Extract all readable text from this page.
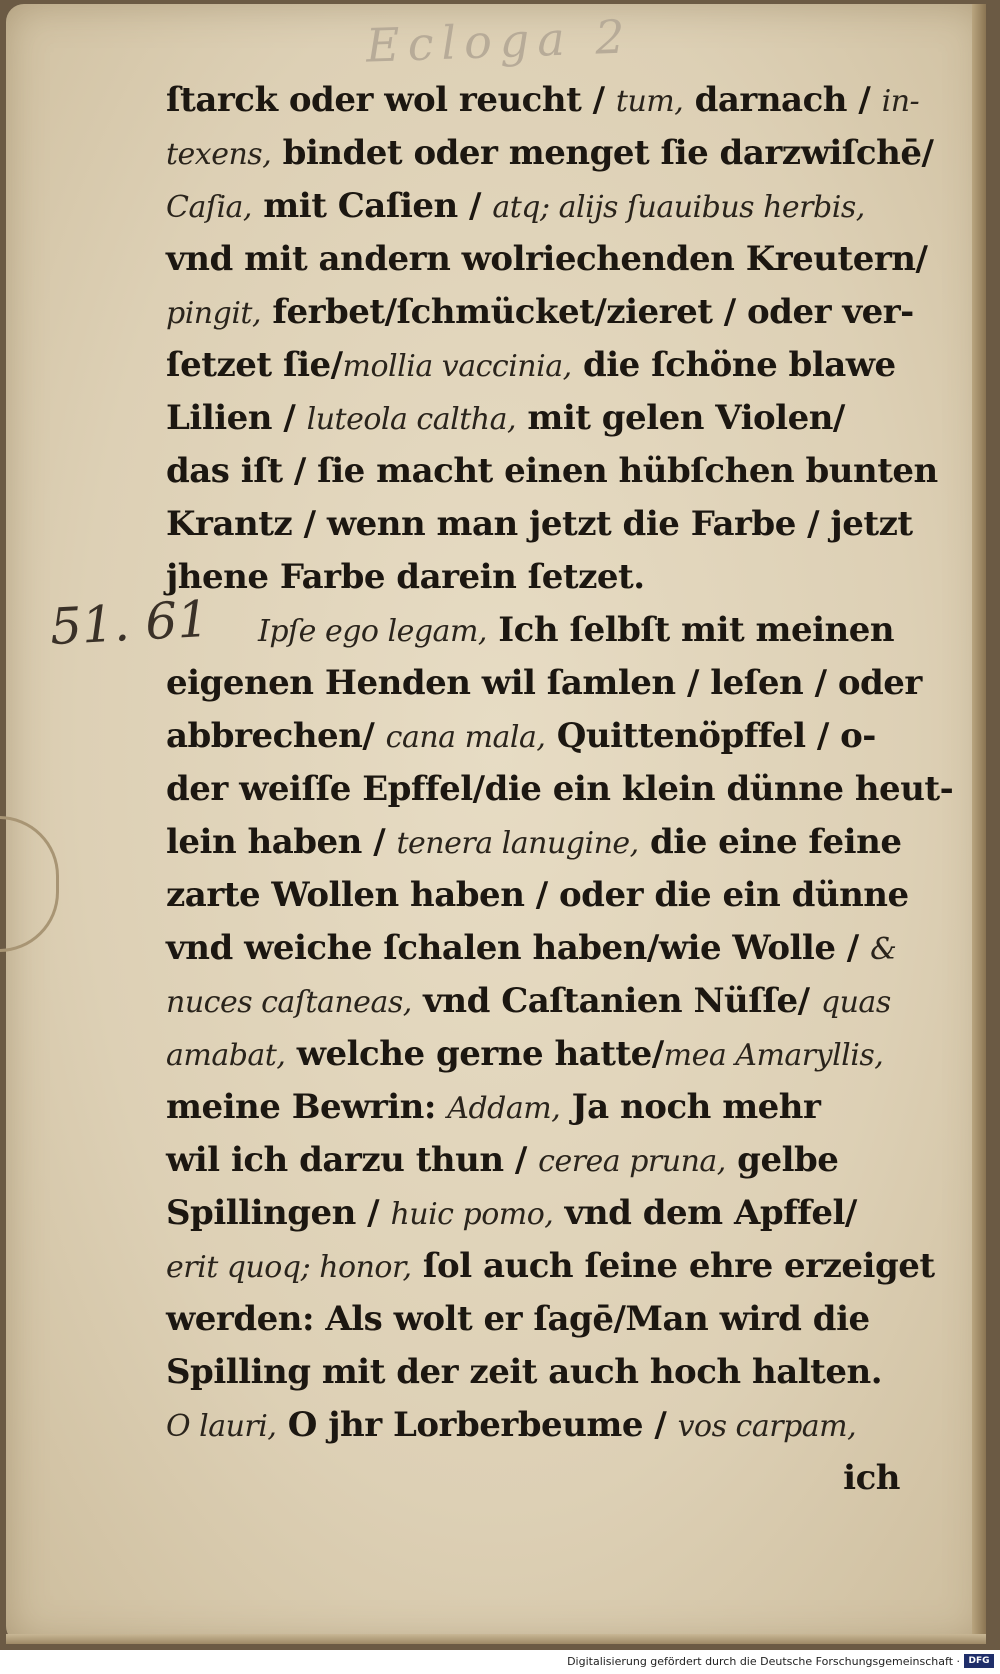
Ecloga 2
51. 61
ſtarck oder wol reucht / tum, darnach / in-
texens, bindet oder menget ſie darzwiſchē/
Caſia, mit Caſien / atq; alijs ſuauibus herbis,
vnd mit andern wolriechenden Kreutern/
pingit, ferbet/ſchmücket/zieret / oder ver-
ſetzet ſie/mollia vaccinia, die ſchöne blawe
Lilien / luteola caltha, mit gelen Violen/
das iſt / ſie macht einen hübſchen bunten
Krantz / wenn man jetzt die Farbe / jetzt
jhene Farbe darein ſetzet.
Ipſe ego legam, Ich ſelbſt mit meinen
eigenen Henden wil ſamlen / leſen / oder
abbrechen/ cana mala, Quittenöpffel / o-
der weiſſe Epffel/die ein klein dünne heut-
lein haben / tenera lanugine, die eine feine
zarte Wollen haben / oder die ein dünne
vnd weiche ſchalen haben/wie Wolle / &
nuces caſtaneas, vnd Caſtanien Nüſſe/ quas
amabat, welche gerne hatte/mea Amaryllis,
meine Bewrin: Addam, Ja noch mehr
wil ich darzu thun / cerea pruna, gelbe
Spillingen / huic pomo, vnd dem Apffel/
erit quoq; honor, ſol auch ſeine ehre erzeiget
werden: Als wolt er ſagē/Man wird die
Spilling mit der zeit auch hoch halten.
O lauri, O jhr Lorberbeume / vos carpam,
ich
Digitalisierung gefördert durch die Deutsche Forschungsgemeinschaft · DFG
